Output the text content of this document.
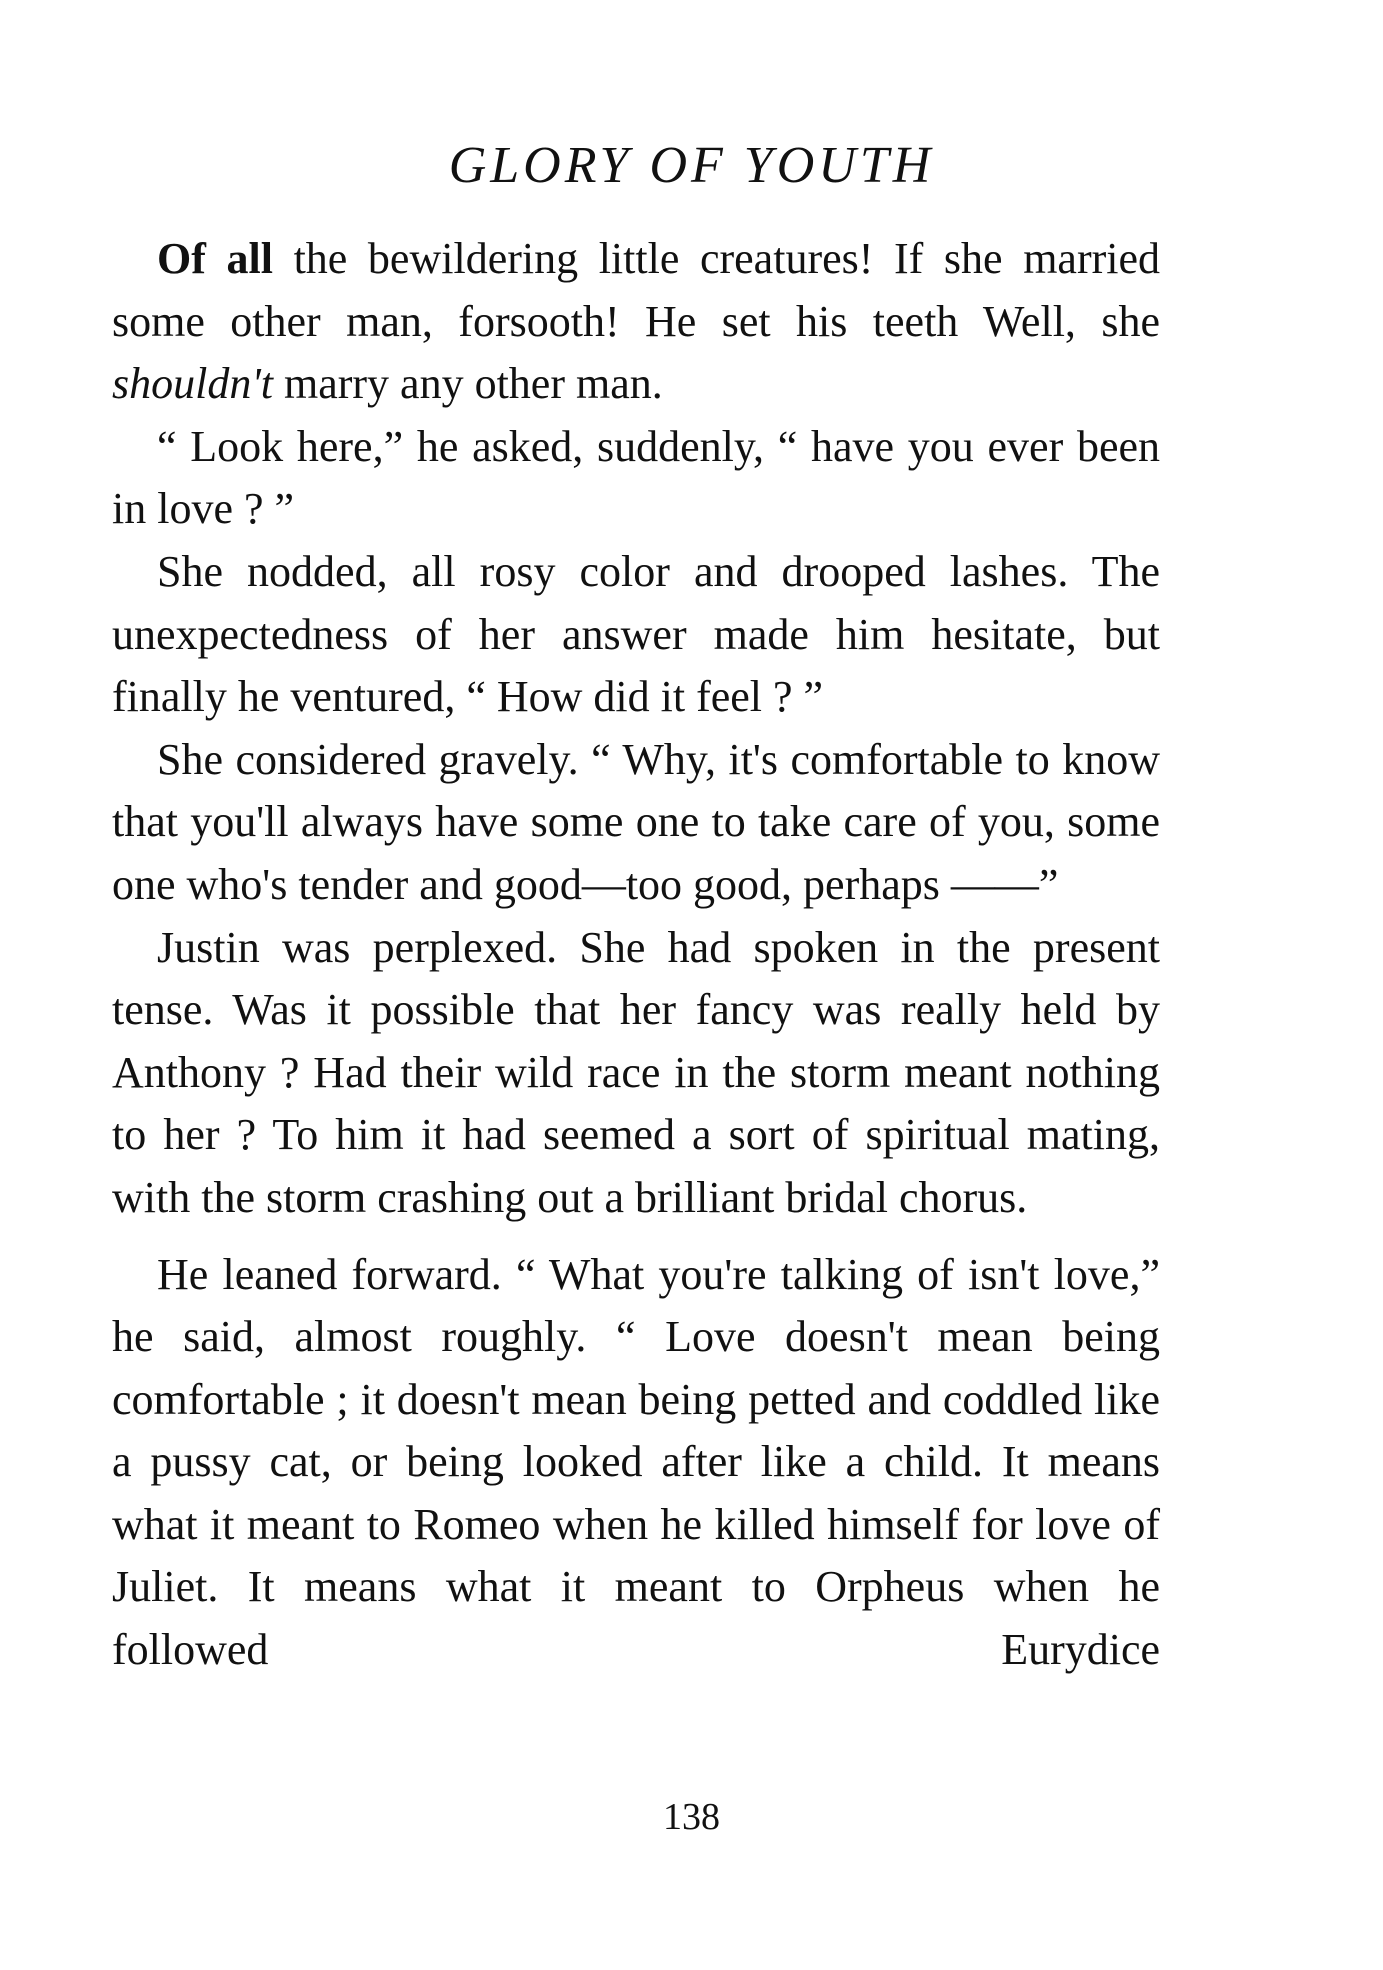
GLORY OF YOUTH

Of all the bewildering little creatures! If she married some other man, forsooth! He set his teeth Well, she shouldn't marry any other man.

“ Look here,” he asked, suddenly, “ have you ever been in love ? ”

She nodded, all rosy color and drooped lashes. The unexpectedness of her answer made him hesitate, but finally he ventured, “ How did it feel ? ”

She considered gravely. “ Why, it's comfortable to know that you'll always have some one to take care of you, some one who's tender and good—too good, perhaps ——”

Justin was perplexed. She had spoken in the present tense. Was it possible that her fancy was really held by Anthony ? Had their wild race in the storm meant nothing to her ? To him it had seemed a sort of spiritual mating, with the storm crashing out a brilliant bridal chorus.

He leaned forward. “ What you're talking of isn't love,” he said, almost roughly. “ Love doesn't mean being comfortable ; it doesn't mean being petted and coddled like a pussy cat, or being looked after like a child. It means what it meant to Romeo when he killed himself for love of Juliet. It means what it meant to Orpheus when he followed Eurydice

138
